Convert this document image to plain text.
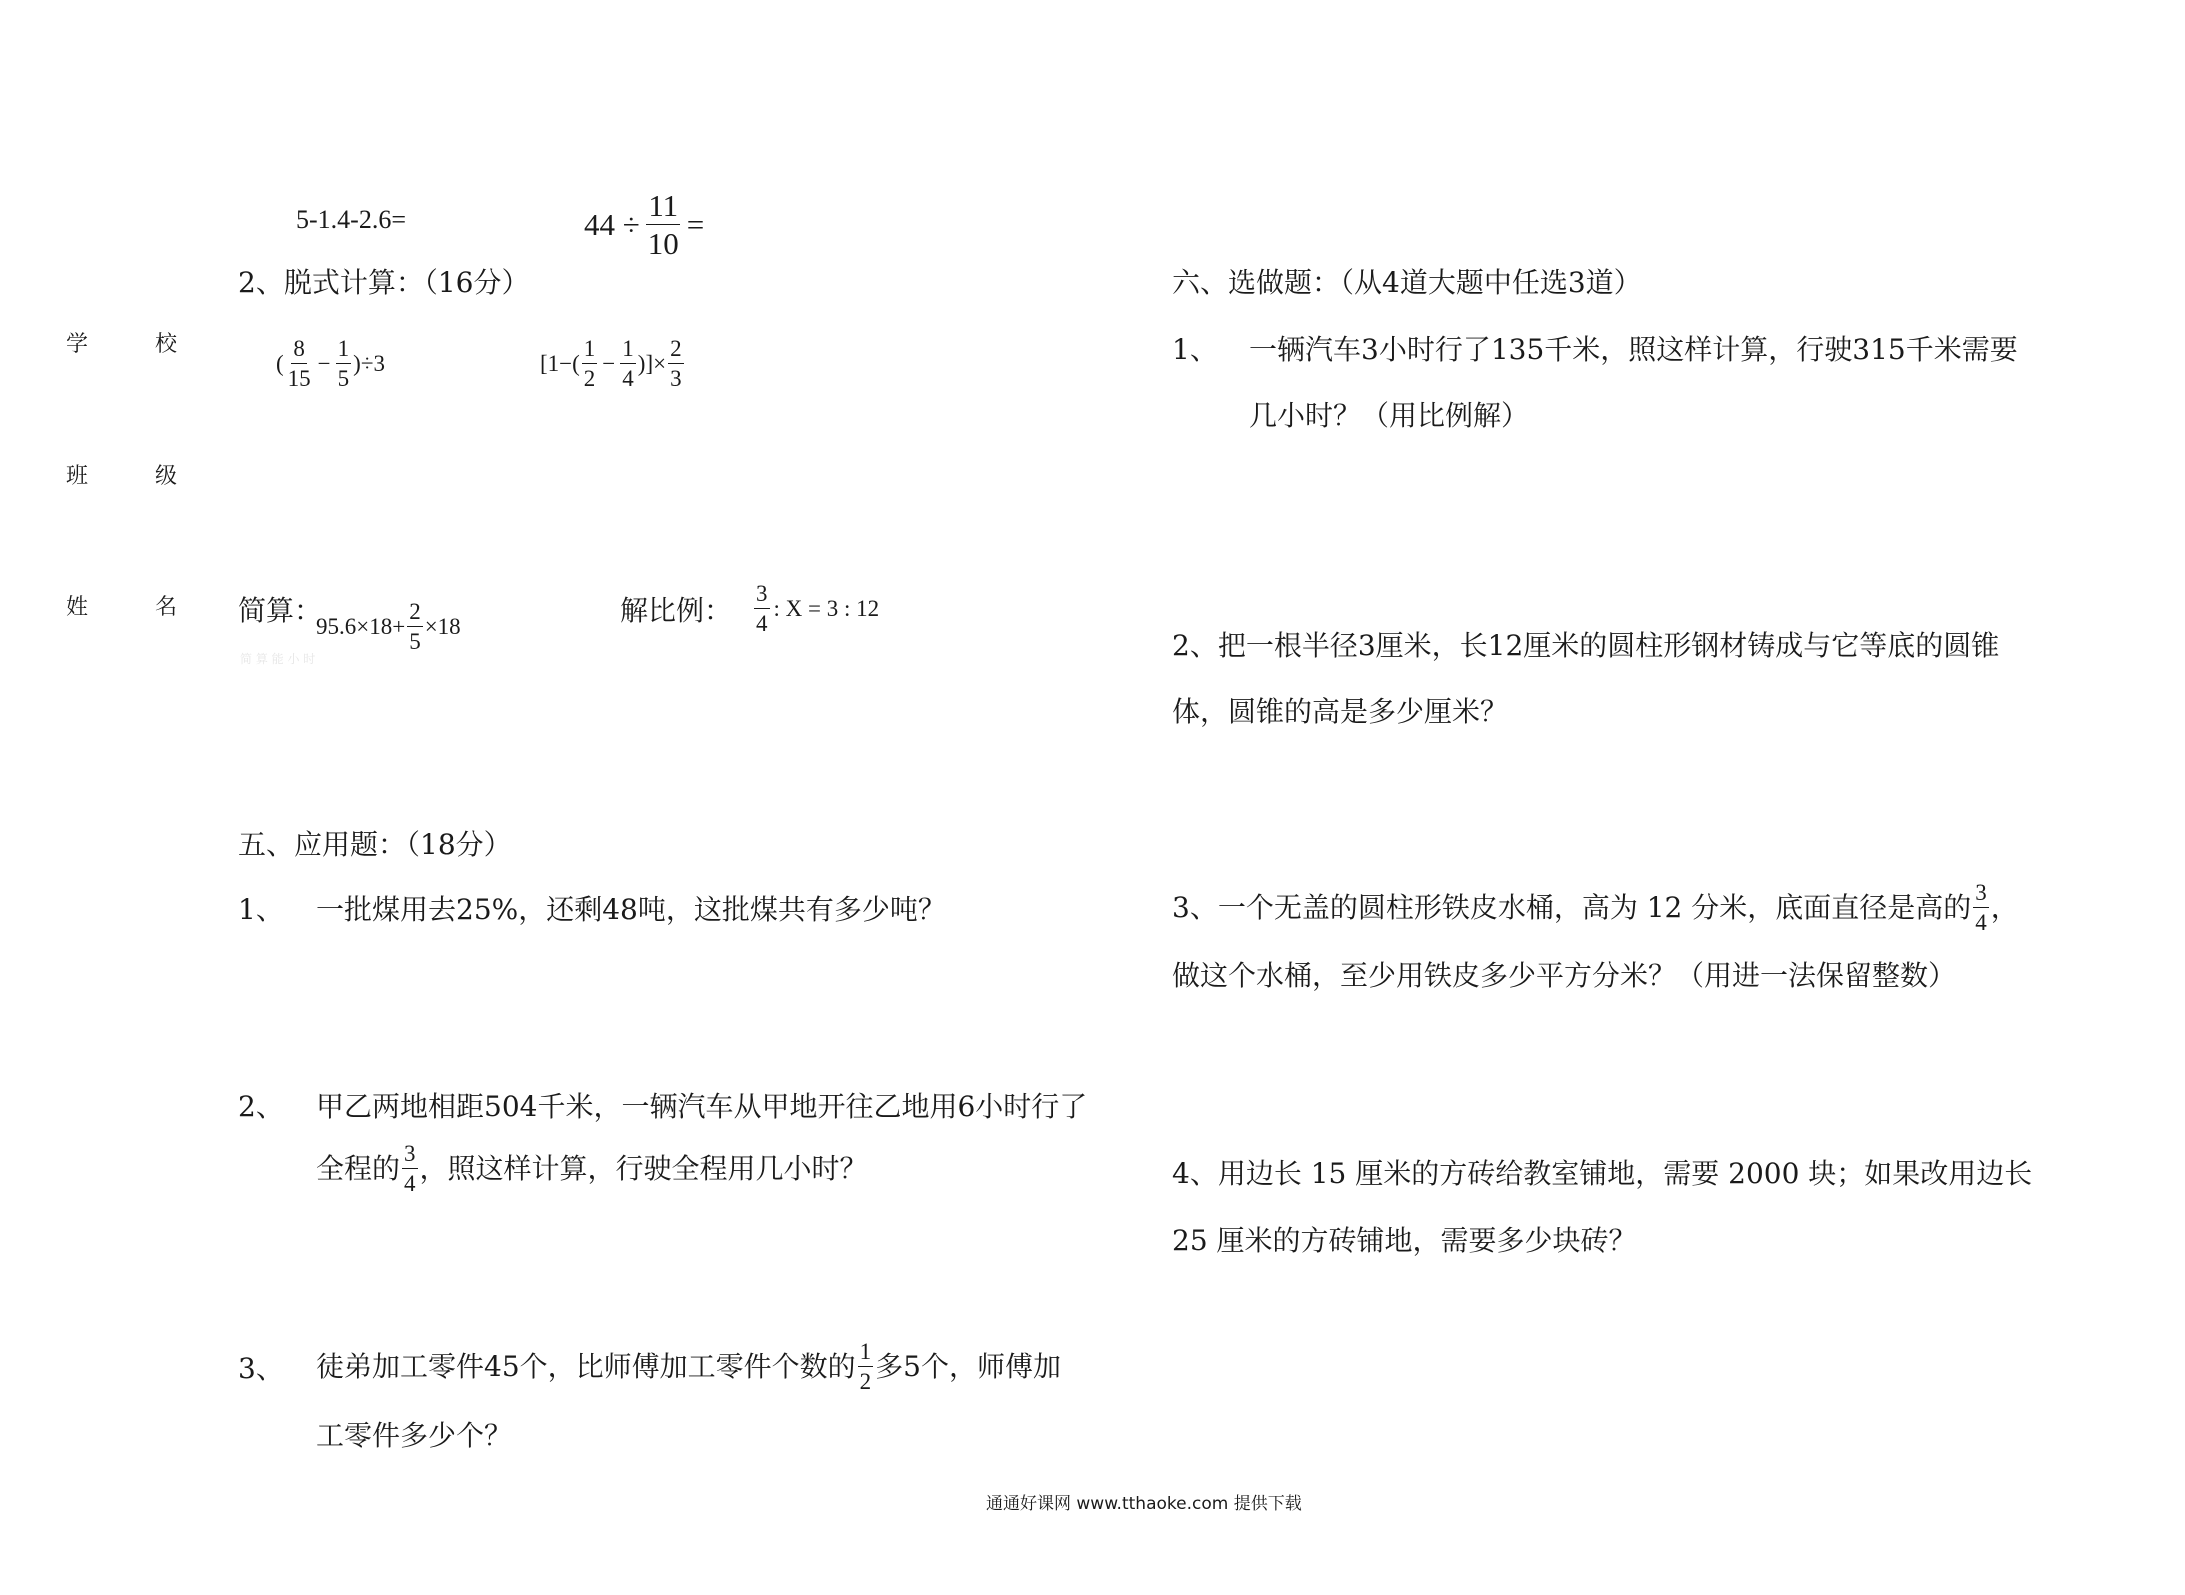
学	校
班	级
姓	名
5-1.4-2.6=	$44 \div \frac{11}{10}$ =
2、脱式计算：（16分）
( $\frac{8}{15} - \frac{1}{5} )\div 3$	[$1-( \frac{1}{2} - \frac{1}{4}$ )]× $\frac{2}{3}$
简算：
$95.6\times 18+ \frac{2}{5} \times 18$	解比例： $\frac{3}{4}$ : X = 3 : 12
简 算 能 小 时
五、应用题：（18分）
1、 一批煤用去25%，还剩48吨，这批煤共有多少吨？
2、 甲乙两地相距504千米，一辆汽车从甲地开往乙地用6小时行了
全程的 $\frac{3}{4}$ ，照这样计算，行驶全程用几小时？
3、 徒弟加工零件45个，比师傅加工零件个数的 $\frac{1}{2}$ 多5个，师傅加
工零件多少个？
六、选做题：（从4道大题中任选3道）
1、 一辆汽车3小时行了135千米，照这样计算，行驶315千米需要
几小时？（用比例解）
2、把一根半径3厘米，长12厘米的圆柱形钢材铸成与它等底的圆锥
体，圆锥的高是多少厘米？
3、一个无盖的圆柱形铁皮水桶，高为 12 分米，底面直径是高的 $\frac{3}{4}$ ，
做这个水桶，至少用铁皮多少平方分米？（用进一法保留整数）
4、用边长 15 厘米的方砖给教室铺地，需要 2000 块；如果改用边长
25 厘米的方砖铺地，需要多少块砖？
通通好课网 www.tthaoke.com 提供下载
